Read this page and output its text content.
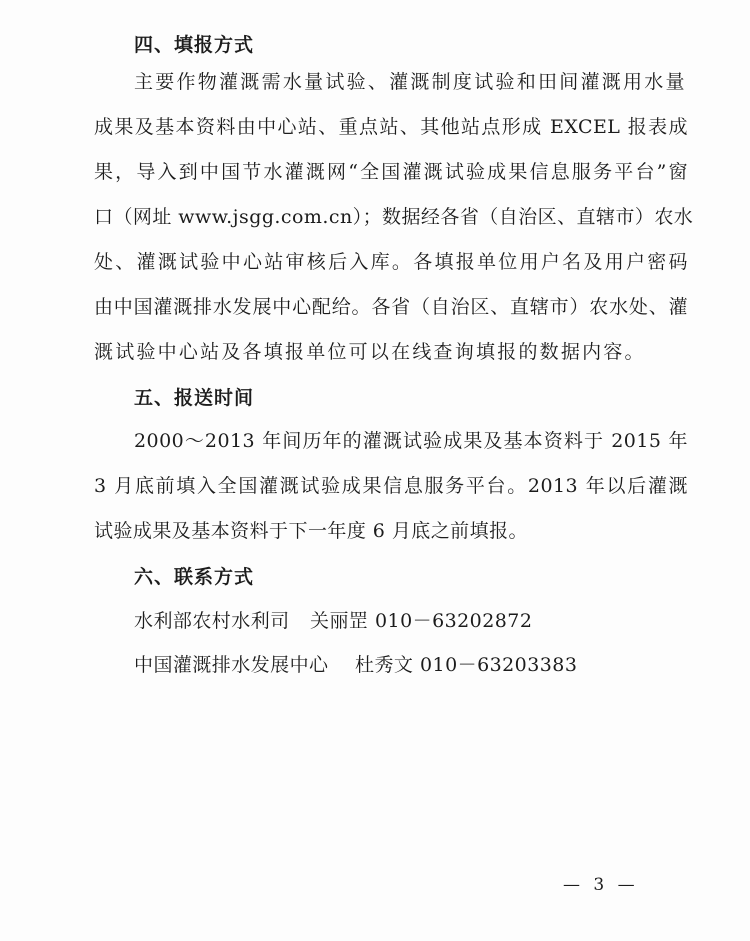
四、填报方式
主要作物灌溉需水量试验、灌溉制度试验和田间灌溉用水量
成果及基本资料由中心站、重点站、其他站点形成 EXCEL 报表成
果，导入到中国节水灌溉网“全国灌溉试验成果信息服务平台”窗
口（网址 www.jsgg.com.cn）；数据经各省（自治区、直辖市）农水
处、灌溉试验中心站审核后入库。各填报单位用户名及用户密码
由中国灌溉排水发展中心配给。各省（自治区、直辖市）农水处、灌
溉试验中心站及各填报单位可以在线查询填报的数据内容。
五、报送时间
2000～2013 年间历年的灌溉试验成果及基本资料于 2015 年
3 月底前填入全国灌溉试验成果信息服务平台。2013 年以后灌溉
试验成果及基本资料于下一年度 6 月底之前填报。
六、联系方式
水利部农村水利司 关丽罡 010－63202872
中国灌溉排水发展中心 杜秀文 010－63203383
— 3 —
